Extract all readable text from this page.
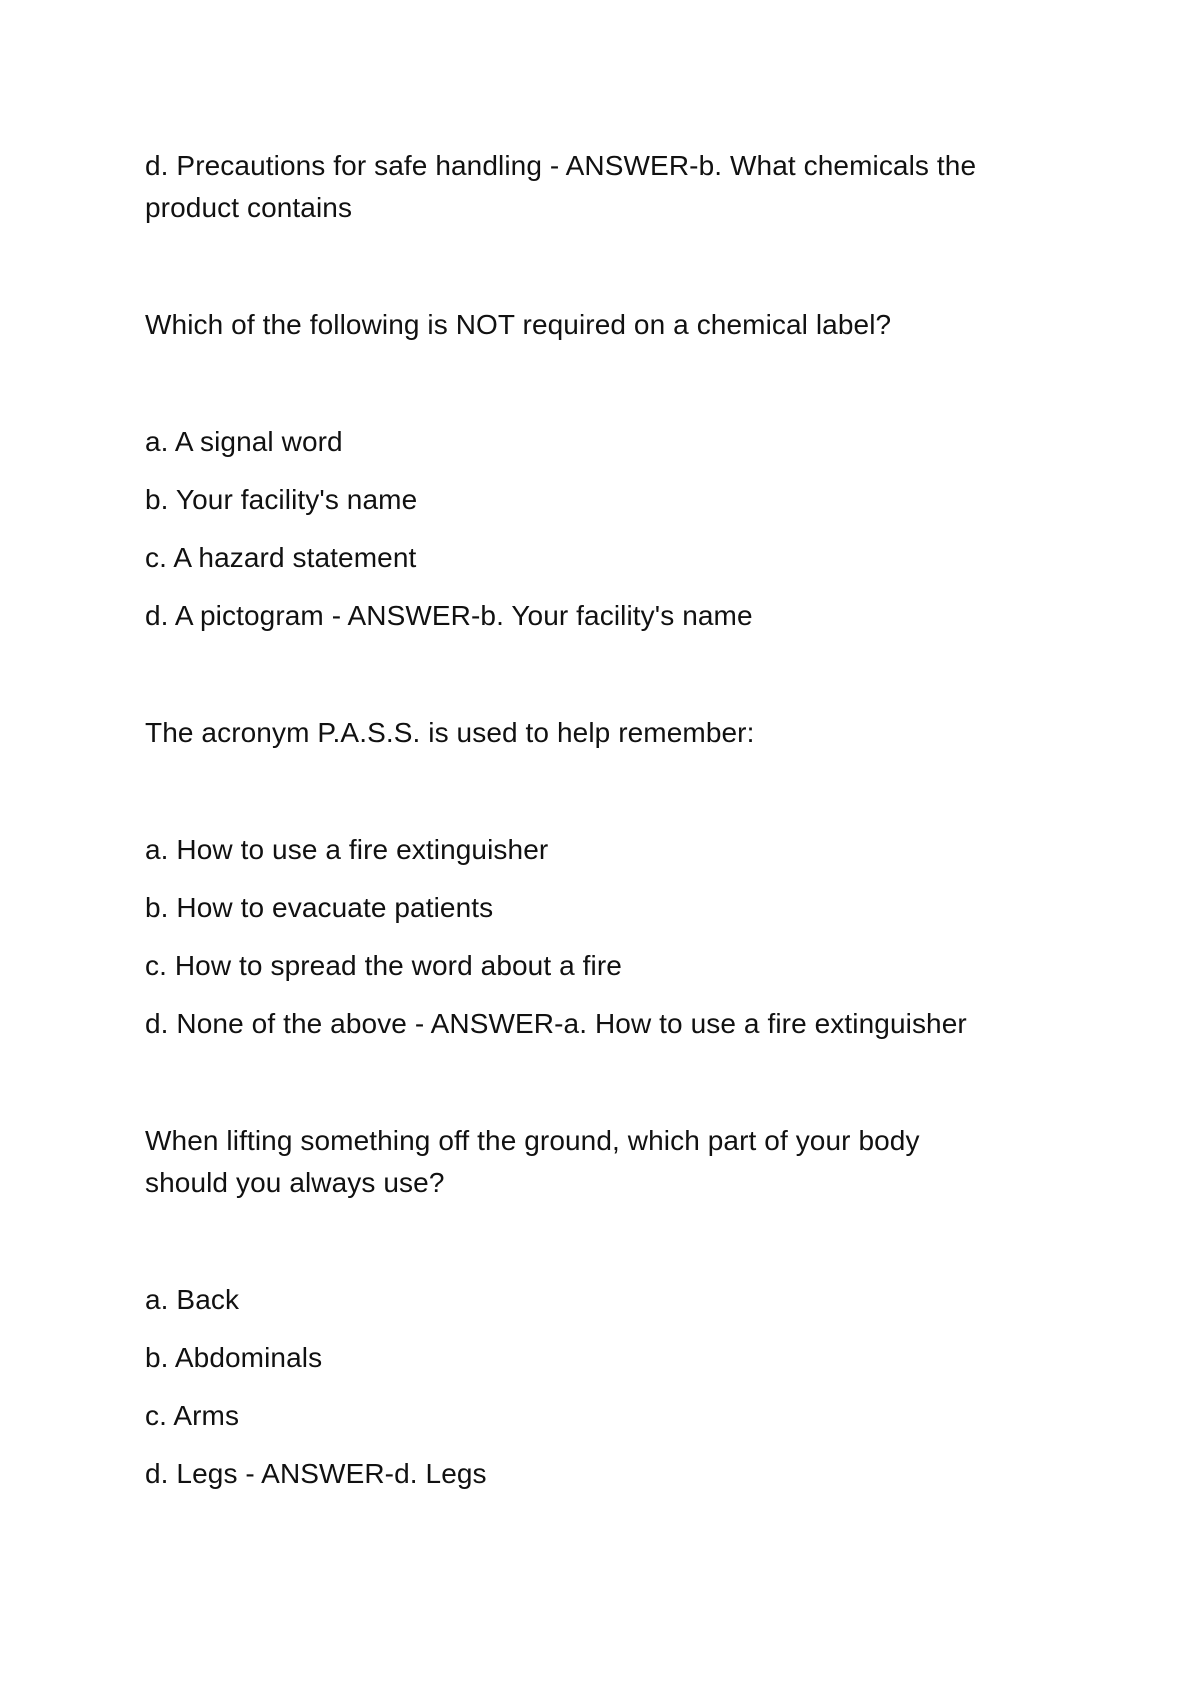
d. Precautions for safe handling - ANSWER-b. What chemicals the
product contains
Which of the following is NOT required on a chemical label?
a. A signal word
b. Your facility's name
c. A hazard statement
d. A pictogram - ANSWER-b. Your facility's name
The acronym P.A.S.S. is used to help remember:
a. How to use a fire extinguisher
b. How to evacuate patients
c. How to spread the word about a fire
d. None of the above - ANSWER-a. How to use a fire extinguisher
When lifting something off the ground, which part of your body
should you always use?
a. Back
b. Abdominals
c. Arms
d. Legs - ANSWER-d. Legs
